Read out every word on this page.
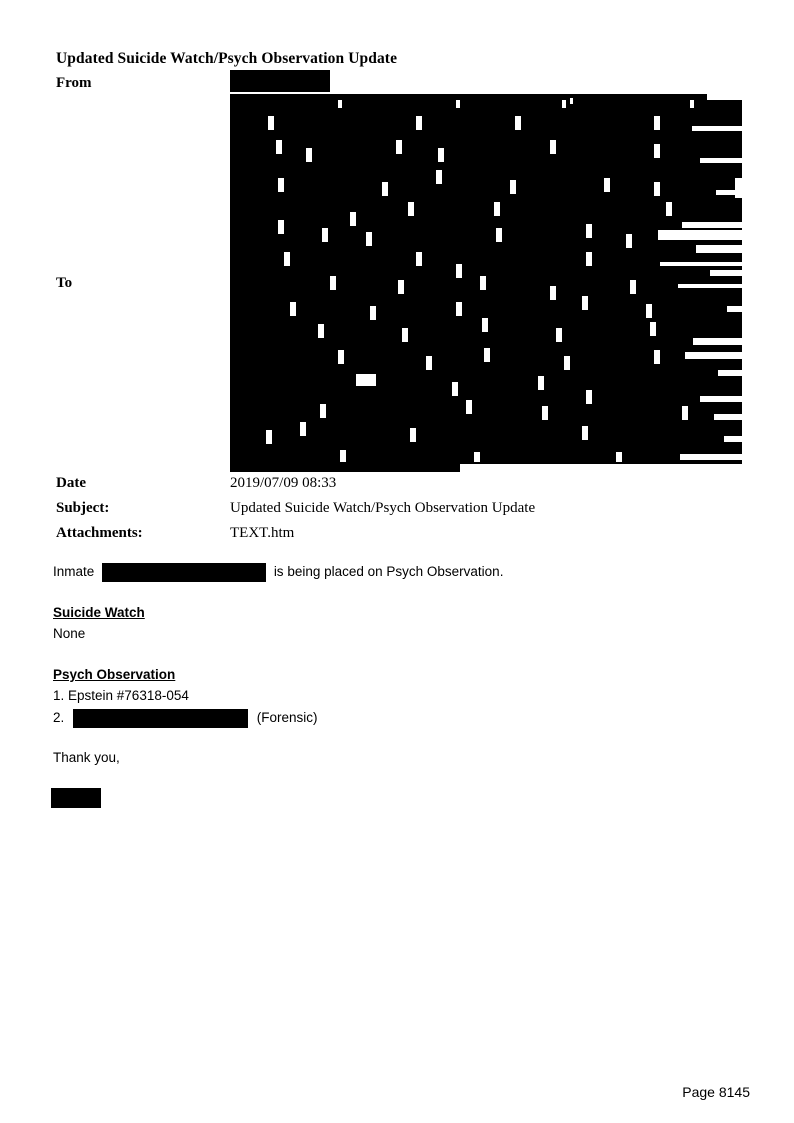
Updated Suicide Watch/Psych Observation Update
From
To
Date
Subject:
Attachments:
2019/07/09 08:33
Updated Suicide Watch/Psych Observation Update
TEXT.htm
Inmate	is being placed on Psych Observation.
Suicide Watch
None
Psych Observation
1. Epstein #76318-054
2.	(Forensic)
Thank you,
Page 8145
